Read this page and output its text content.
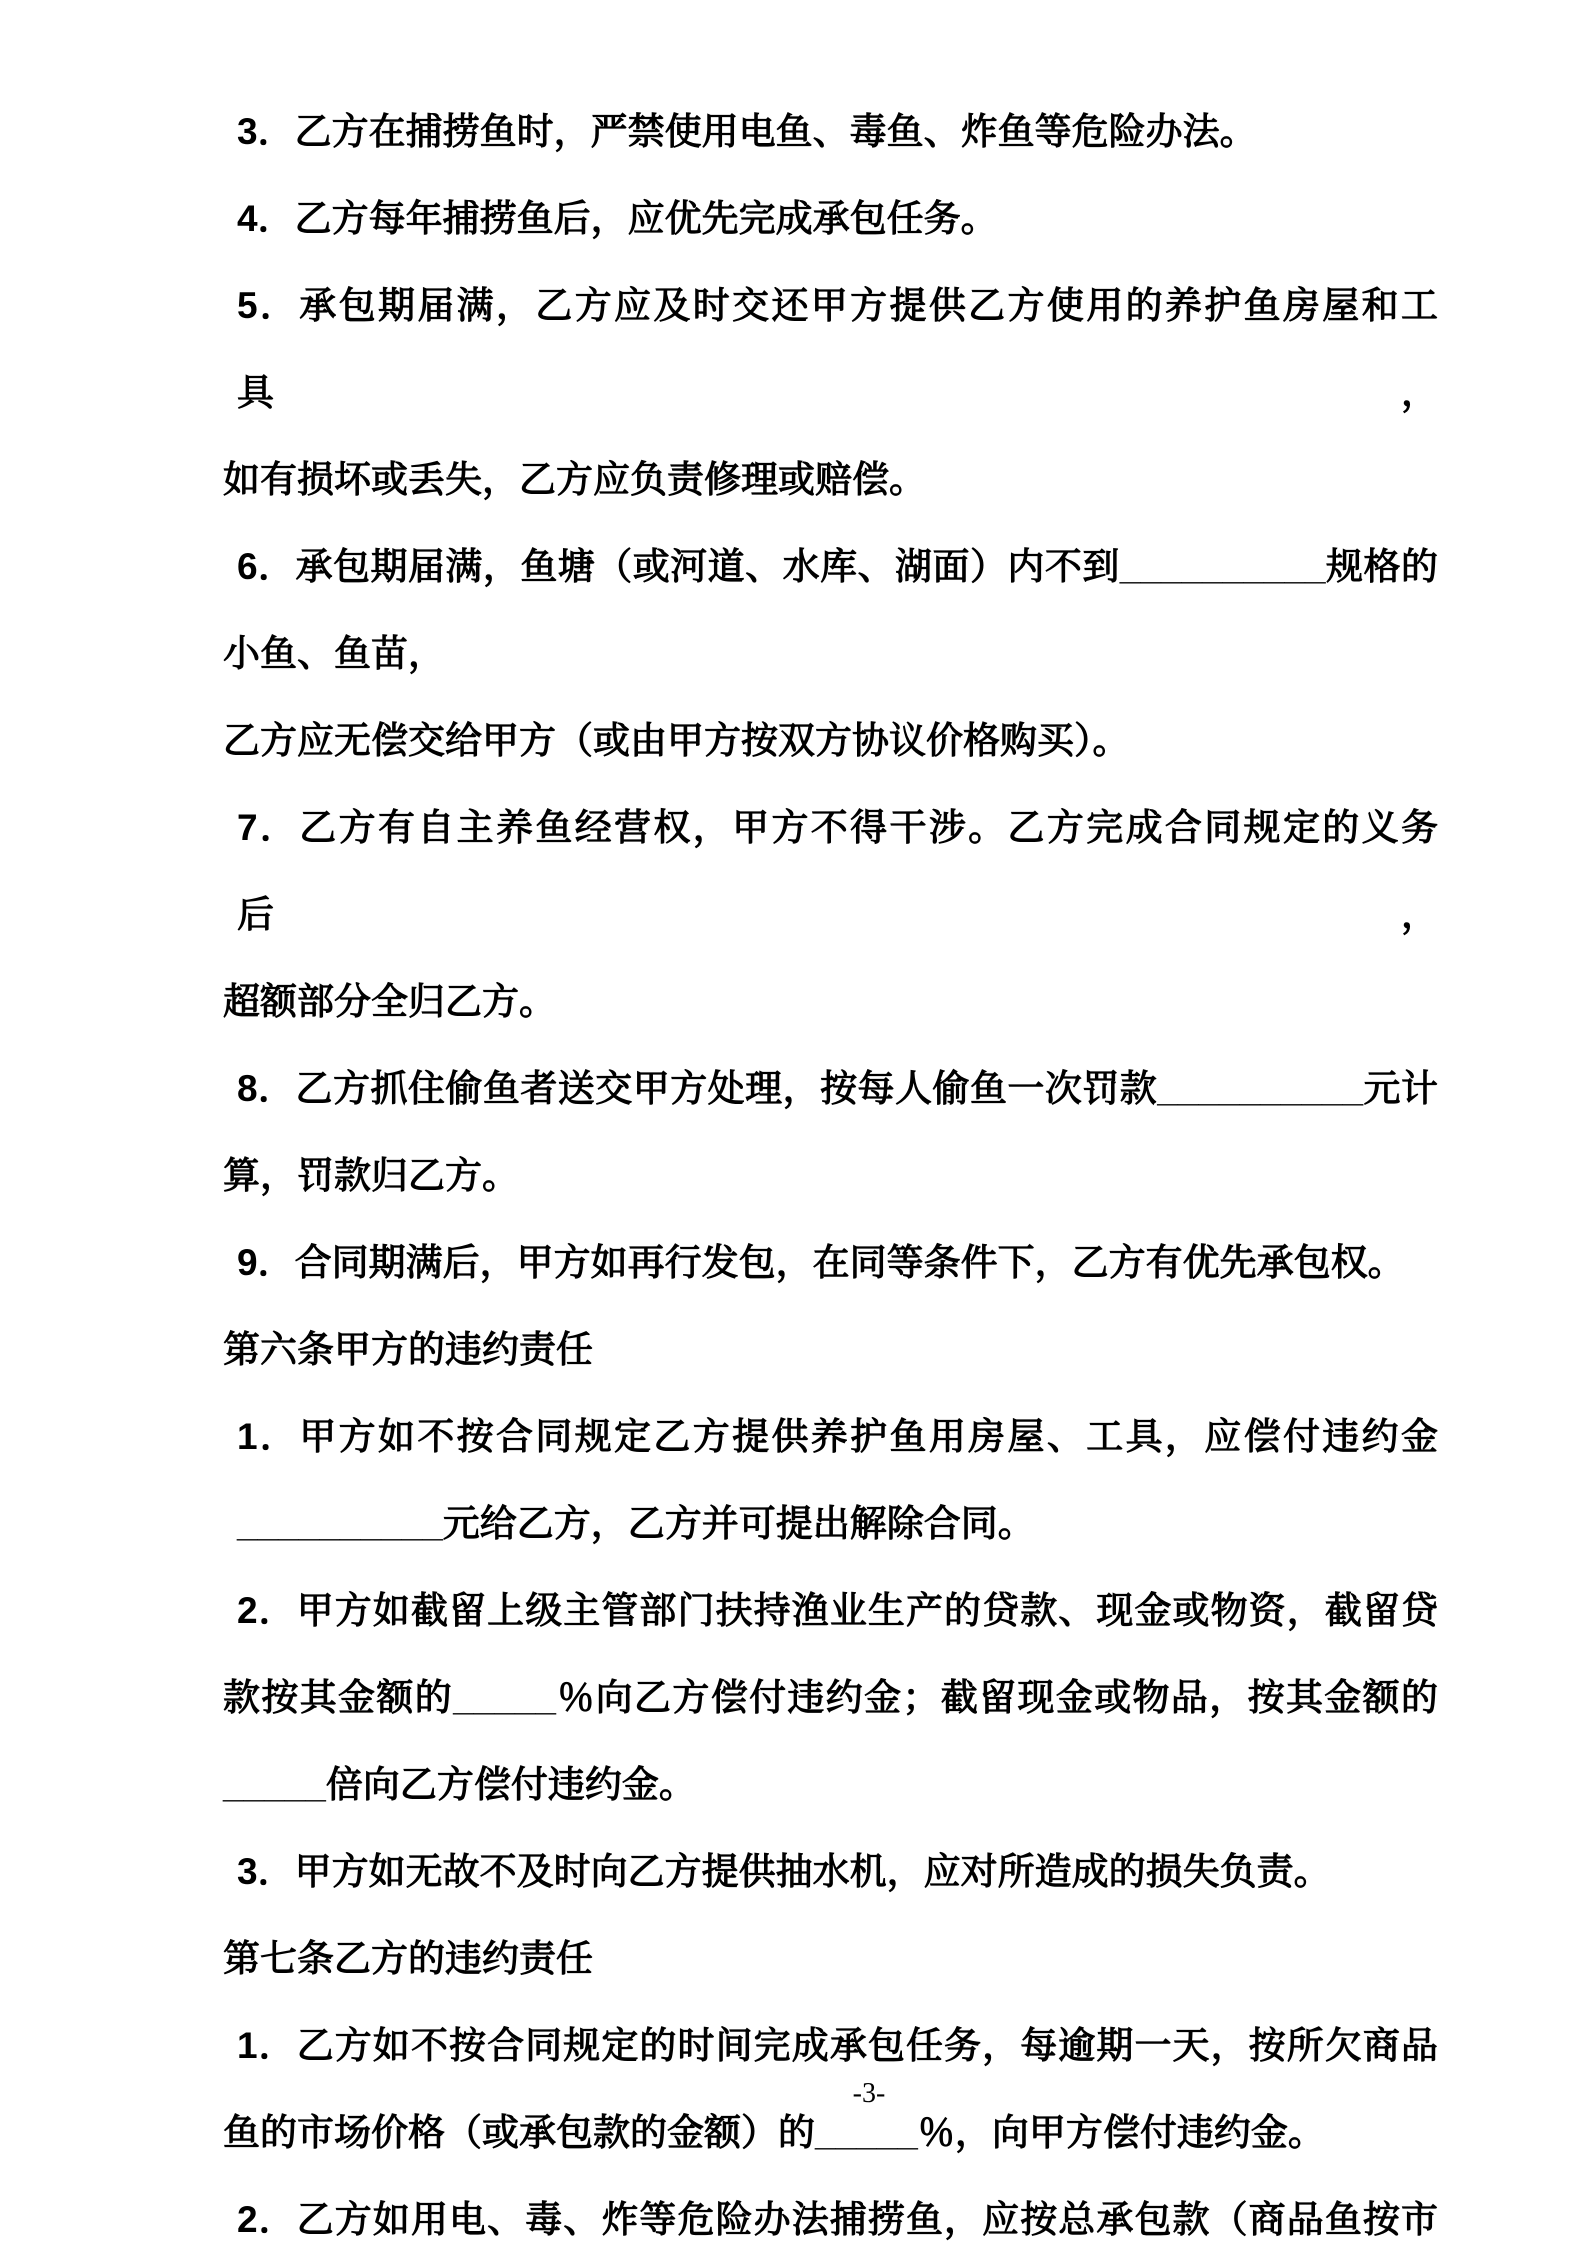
3．乙方在捕捞鱼时，严禁使用电鱼、毒鱼、炸鱼等危险办法。
4．乙方每年捕捞鱼后，应优先完成承包任务。
5．承包期届满，乙方应及时交还甲方提供乙方使用的养护鱼房屋和工具，
如有损坏或丢失，乙方应负责修理或赔偿。
6．承包期届满，鱼塘（或河道、水库、湖面）内不到__________规格的
小鱼、鱼苗，
乙方应无偿交给甲方（或由甲方按双方协议价格购买）。
7．乙方有自主养鱼经营权，甲方不得干涉。乙方完成合同规定的义务后，
超额部分全归乙方。
8．乙方抓住偷鱼者送交甲方处理，按每人偷鱼一次罚款__________元计
算，罚款归乙方。
9．合同期满后，甲方如再行发包，在同等条件下，乙方有优先承包权。
第六条甲方的违约责任
1．甲方如不按合同规定乙方提供养护鱼用房屋、工具，应偿付违约金
__________元给乙方，乙方并可提出解除合同。
2．甲方如截留上级主管部门扶持渔业生产的贷款、现金或物资，截留贷
款按其金额的_____％向乙方偿付违约金；截留现金或物品，按其金额的
_____倍向乙方偿付违约金。
3．甲方如无故不及时向乙方提供抽水机，应对所造成的损失负责。
第七条乙方的违约责任
1．乙方如不按合同规定的时间完成承包任务，每逾期一天，按所欠商品
鱼的市场价格（或承包款的金额）的_____％，向甲方偿付违约金。
2．乙方如用电、毒、炸等危险办法捕捞鱼，应按总承包款（商品鱼按市
-3-
